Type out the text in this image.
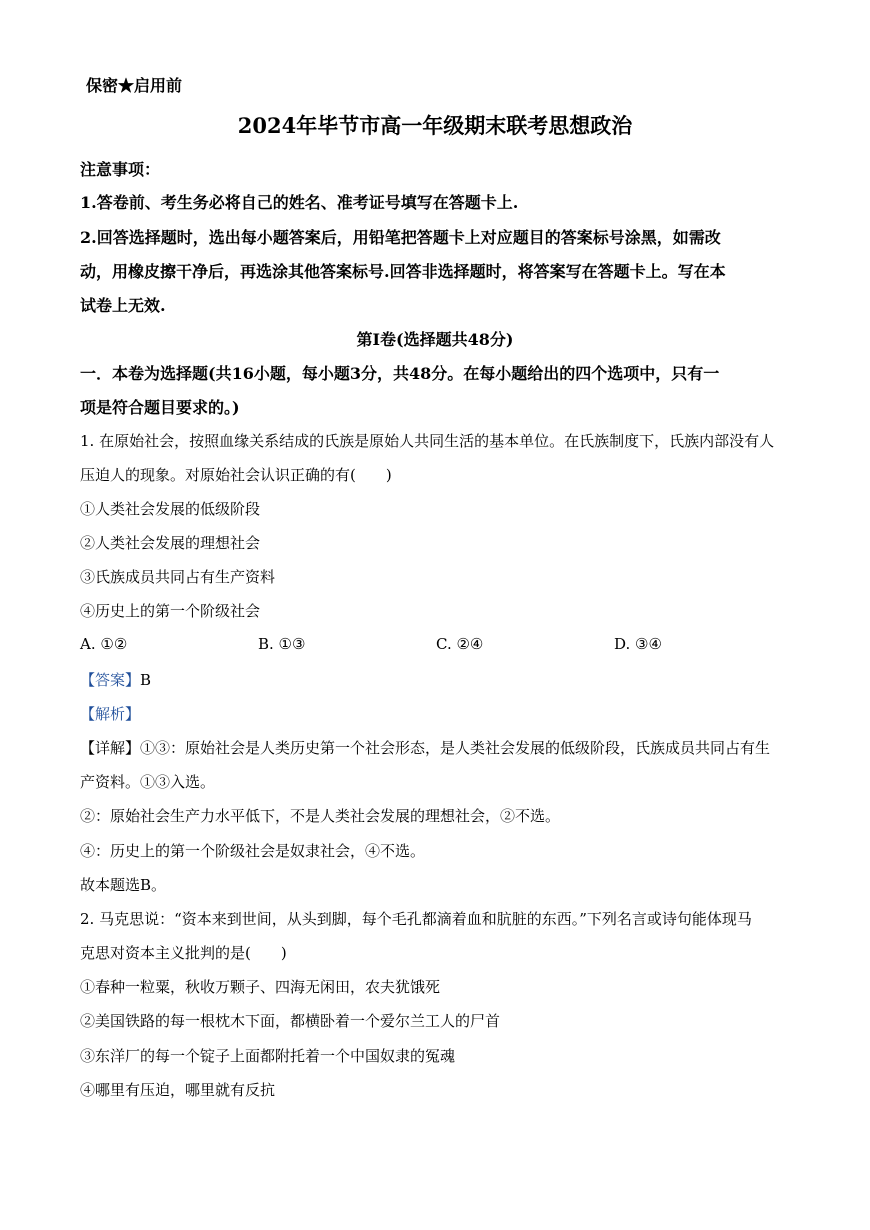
保密★启用前
2024年毕节市高一年级期末联考思想政治
注意事项：
1.答卷前、考生务必将自己的姓名、准考证号填写在答题卡上.
2.回答选择题时，选出每小题答案后，用铅笔把答题卡上对应题目的答案标号涂黑，如需改
动，用橡皮擦干净后，再选涂其他答案标号.回答非选择题时，将答案写在答题卡上。写在本
试卷上无效.
第Ⅰ卷(选择题共48分)
一．本卷为选择题(共16小题，每小题3分，共48分。在每小题给出的四个选项中，只有一
项是符合题目要求的。)
1. 在原始社会，按照血缘关系结成的氏族是原始人共同生活的基本单位。在氏族制度下，氏族内部没有人
压迫人的现象。对原始社会认识正确的有(　　)
①人类社会发展的低级阶段
②人类社会发展的理想社会
③氏族成员共同占有生产资料
④历史上的第一个阶级社会
A. ①②	B. ①③	C. ②④	D. ③④
【答案】B
【解析】
【详解】①③：原始社会是人类历史第一个社会形态，是人类社会发展的低级阶段，氏族成员共同占有生
产资料。①③入选。
②：原始社会生产力水平低下，不是人类社会发展的理想社会，②不选。
④：历史上的第一个阶级社会是奴隶社会，④不选。
故本题选B。
2. 马克思说：“资本来到世间，从头到脚，每个毛孔都滴着血和肮脏的东西。”下列名言或诗句能体现马
克思对资本主义批判的是(　　)
①春种一粒粟，秋收万颗子、四海无闲田，农夫犹饿死
②美国铁路的每一根枕木下面，都横卧着一个爱尔兰工人的尸首
③东洋厂的每一个锭子上面都附托着一个中国奴隶的冤魂
④哪里有压迫，哪里就有反抗
